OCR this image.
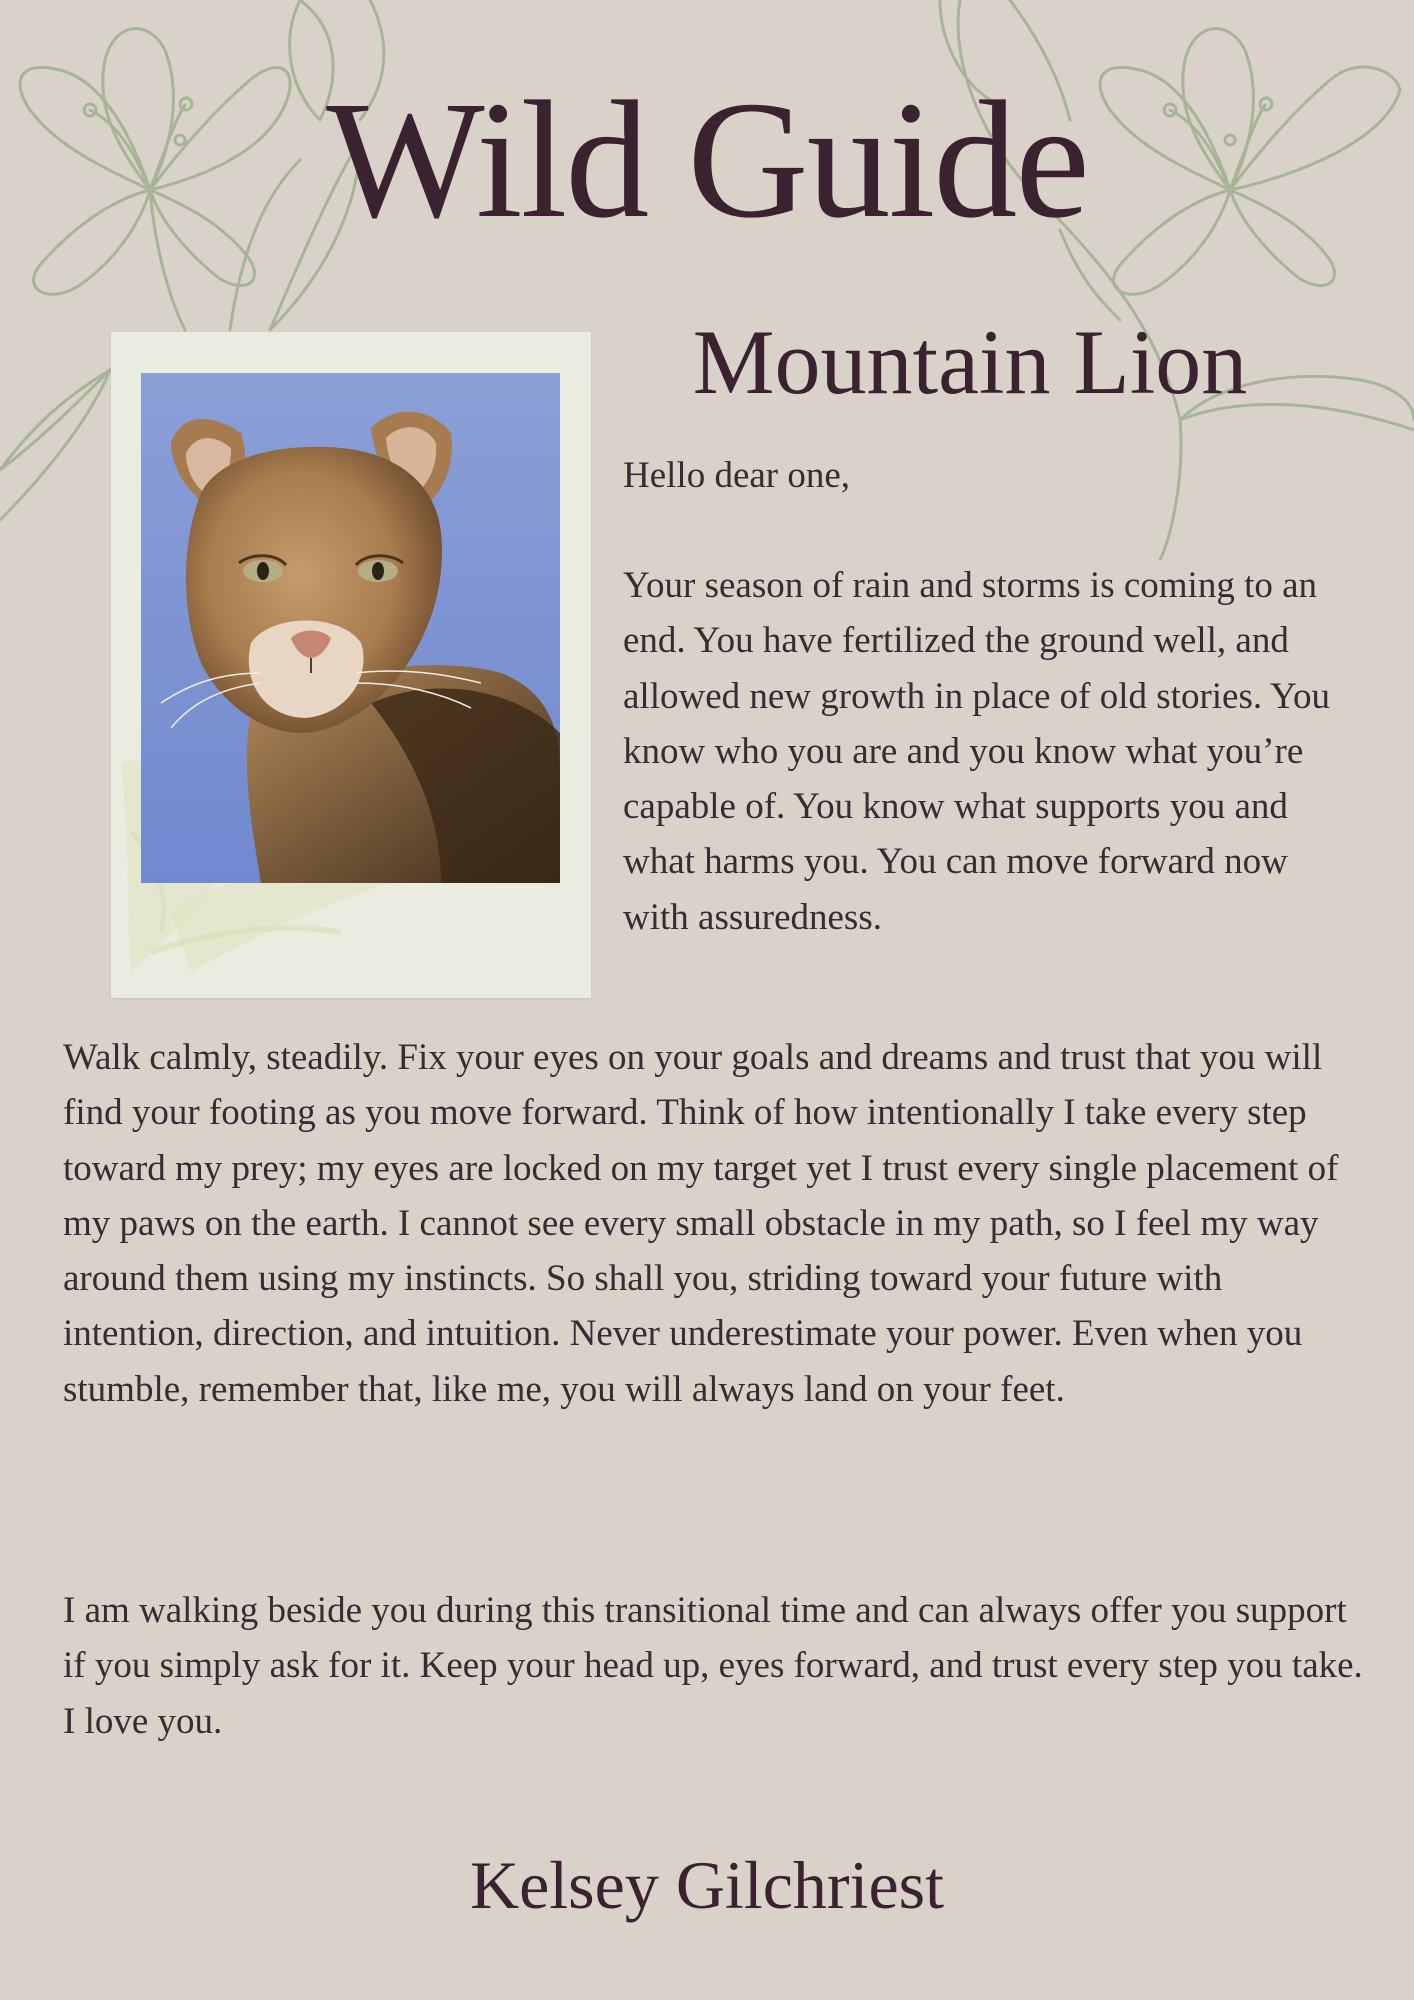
Wild Guide
Mountain Lion

Hello dear one,

Your season of rain and storms is coming to an end. You have fertilized the ground well, and allowed new growth in place of old stories. You know who you are and you know what you’re capable of. You know what supports you and what harms you. You can move forward now with assuredness.

Walk calmly, steadily. Fix your eyes on your goals and dreams and trust that you will find your footing as you move forward. Think of how intentionally I take every step toward my prey; my eyes are locked on my target yet I trust every single placement of my paws on the earth. I cannot see every small obstacle in my path, so I feel my way around them using my instincts. So shall you, striding toward your future with intention, direction, and intuition. Never underestimate your power. Even when you stumble, remember that, like me, you will always land on your feet.

I am walking beside you during this transitional time and can always offer you support if you simply ask for it. Keep your head up, eyes forward, and trust every step you take. I love you.

Kelsey Gilchriest
